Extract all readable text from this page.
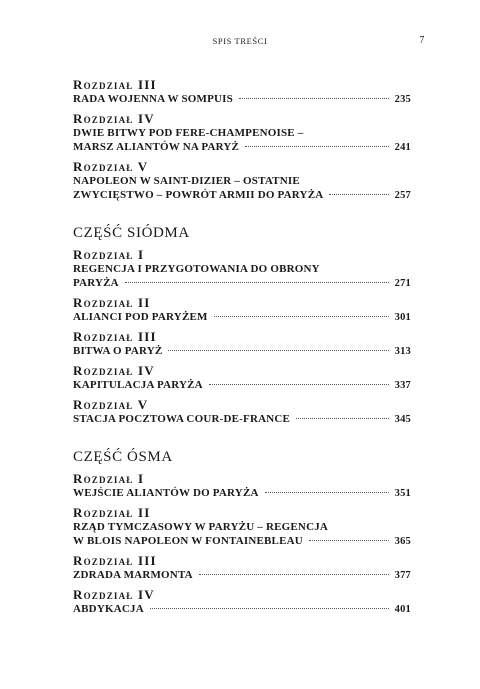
SPIS TREŚCI	7
Rozdział III
RADA WOJENNA W SOMPUIS	235
Rozdział IV
DWIE BITWY POD FERE-CHAMPENOISE –
MARSZ ALIANTÓW NA PARYŻ	241
Rozdział V
NAPOLEON W SAINT-DIZIER – OSTATNIE
ZWYCIĘSTWO – POWRÓT ARMII DO PARYŻA	257
CZĘŚĆ SIÓDMA
Rozdział I
REGENCJA I PRZYGOTOWANIA DO OBRONY
PARYŻA	271
Rozdział II
ALIANCI POD PARYŻEM	301
Rozdział III
BITWA O PARYŻ	313
Rozdział IV
KAPITULACJA PARYŻA	337
Rozdział V
STACJA POCZTOWA COUR-DE-FRANCE	345
CZĘŚĆ ÓSMA
Rozdział I
WEJŚCIE ALIANTÓW DO PARYŻA	351
Rozdział II
RZĄD TYMCZASOWY W PARYŻU – REGENCJA
W BLOIS NAPOLEON W FONTAINEBLEAU	365
Rozdział III
ZDRADA MARMONTA	377
Rozdział IV
ABDYKACJA	401
